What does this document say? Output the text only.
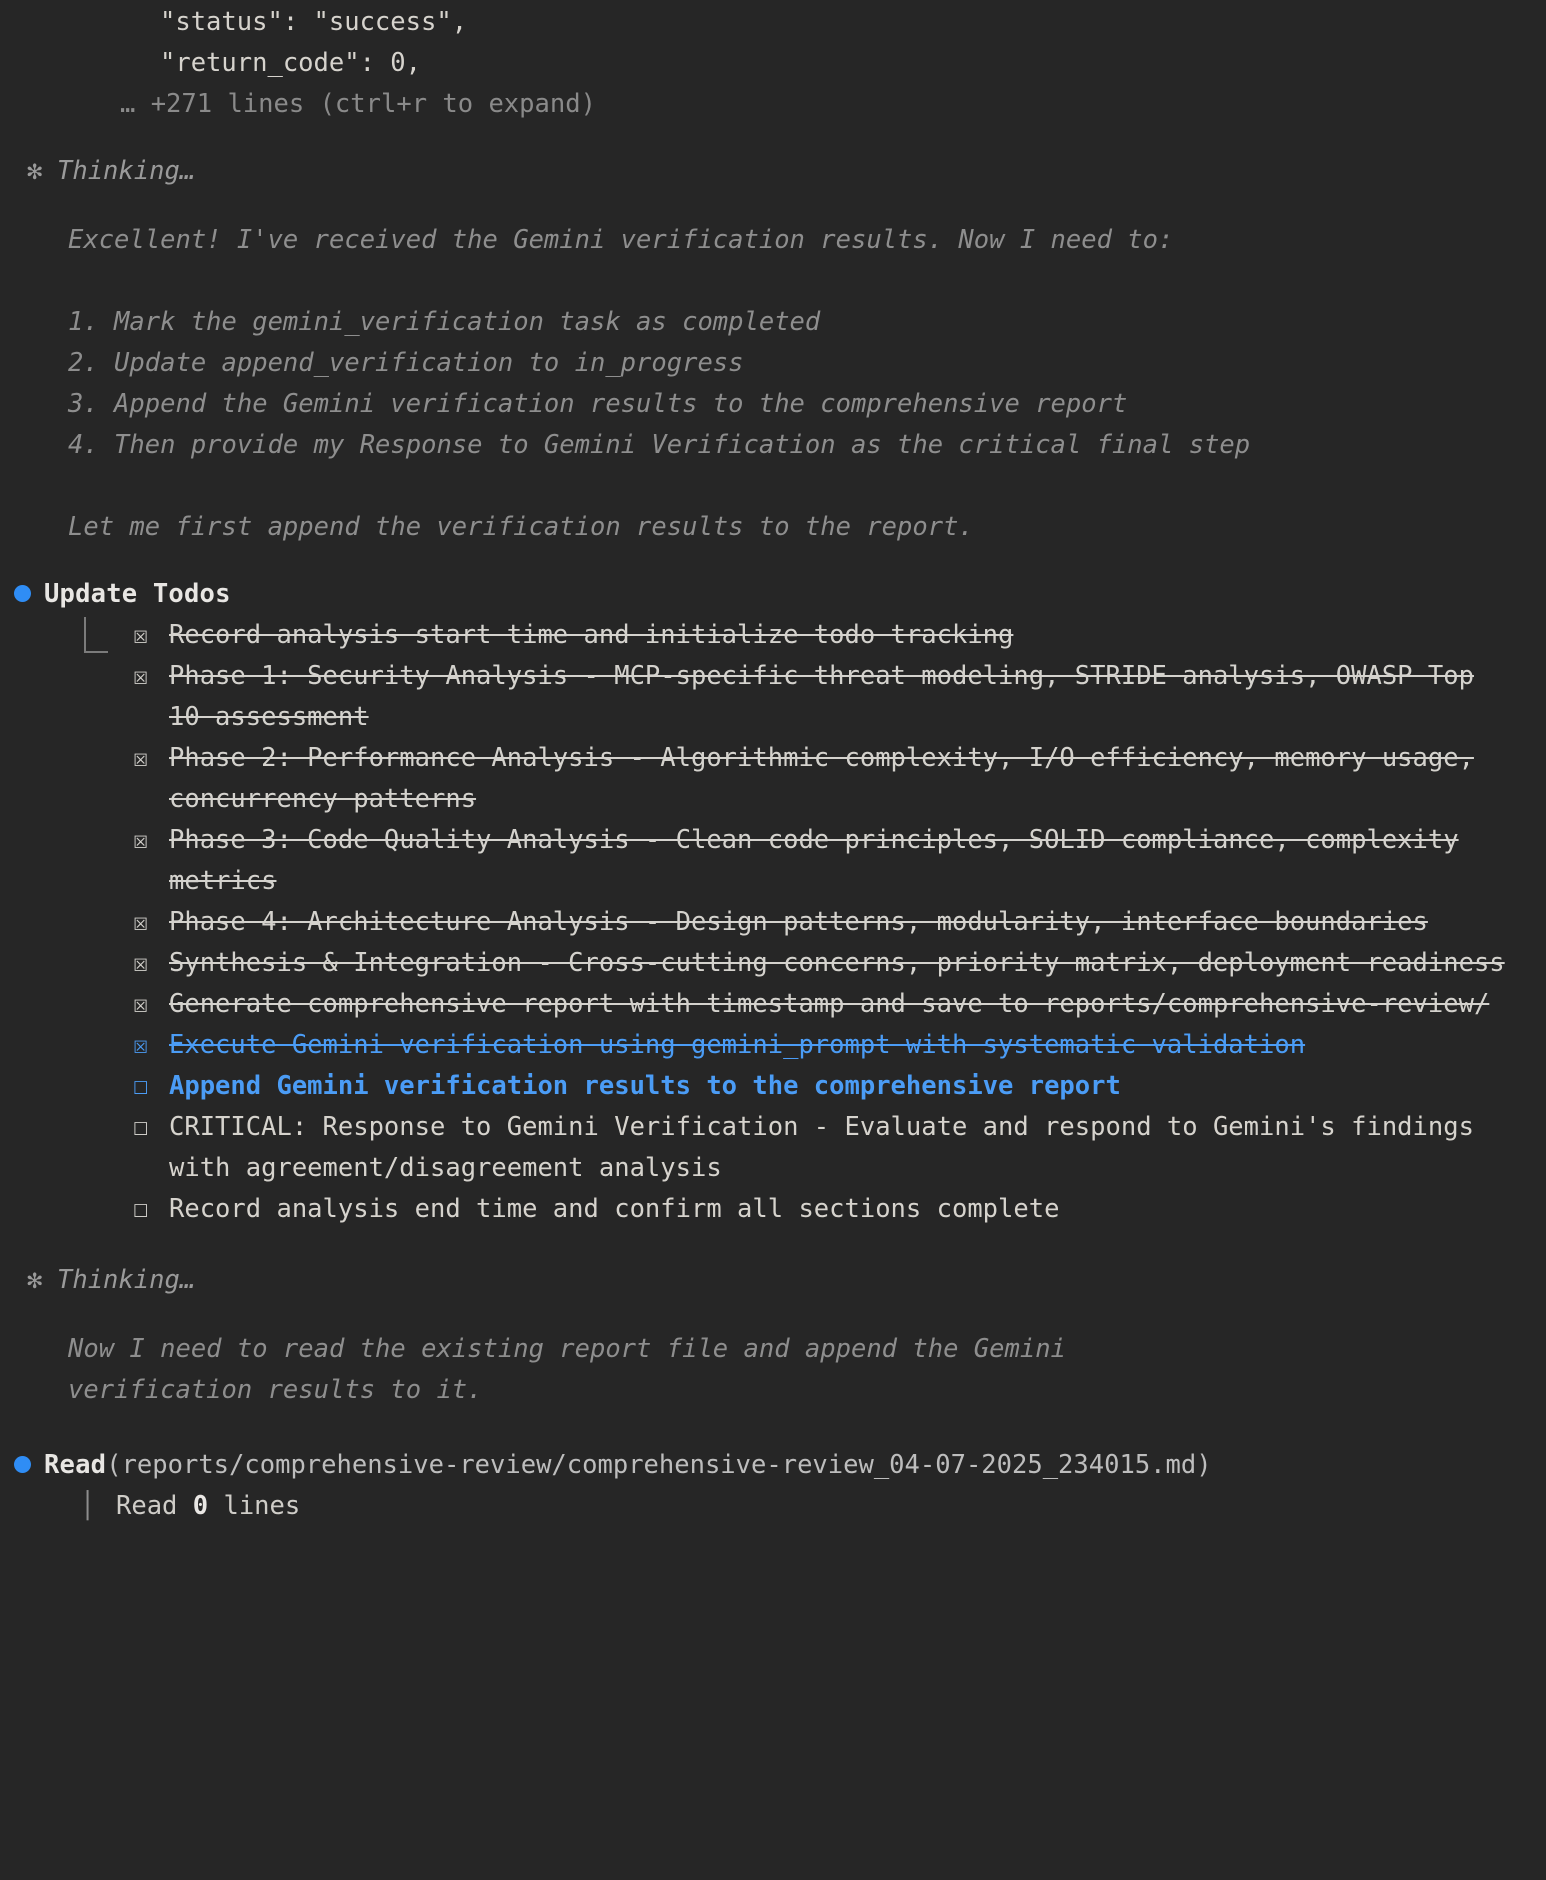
"status": "success",
"return_code": 0,
… +271 lines (ctrl+r to expand)
✻ Thinking…

Excellent! I've received the Gemini verification results. Now I need to:

1. Mark the gemini_verification task as completed

2. Update append_verification to in_progress

3. Append the Gemini verification results to the comprehensive report

4. Then provide my Response to Gemini Verification as the critical final step

Let me first append the verification results to the report.

Update Todos
☒ Record analysis start time and initialize todo tracking
☒ Phase 1: Security Analysis - MCP-specific threat modeling, STRIDE analysis, OWASP Top 10 assessment
☒ Phase 2: Performance Analysis - Algorithmic complexity, I/O efficiency, memory usage, concurrency patterns
☒ Phase 3: Code Quality Analysis - Clean code principles, SOLID compliance, complexity metrics
☒ Phase 4: Architecture Analysis - Design patterns, modularity, interface boundaries
☒ Synthesis & Integration - Cross-cutting concerns, priority matrix, deployment readiness
☒ Generate comprehensive report with timestamp and save to reports/comprehensive-review/
☒ Execute Gemini verification using gemini_prompt with systematic validation
☐ Append Gemini verification results to the comprehensive report
☐ CRITICAL: Response to Gemini Verification - Evaluate and respond to Gemini's findings with agreement/disagreement analysis
☐ Record analysis end time and confirm all sections complete
✻ Thinking…

Now I need to read the existing report file and append the Gemini verification results to it.

Read(reports/comprehensive-review/comprehensive-review_04-07-2025_234015.md)
│ Read 0 lines
